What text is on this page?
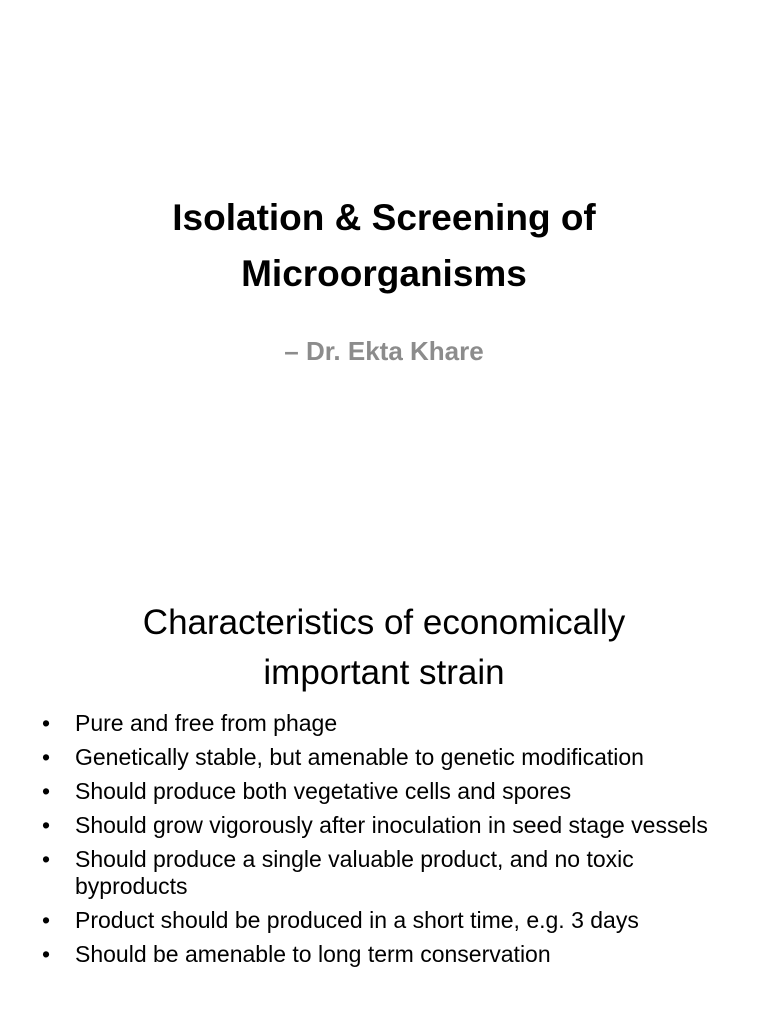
Isolation & Screening of
Microorganisms

– Dr. Ekta Khare

Characteristics of economically
important strain
• Pure and free from phage
• Genetically stable, but amenable to genetic modification
• Should produce both vegetative cells and spores
• Should grow vigorously after inoculation in seed stage vessels
• Should produce a single valuable product, and no toxic byproducts
• Product should be produced in a short time, e.g. 3 days
• Should be amenable to long term conservation
